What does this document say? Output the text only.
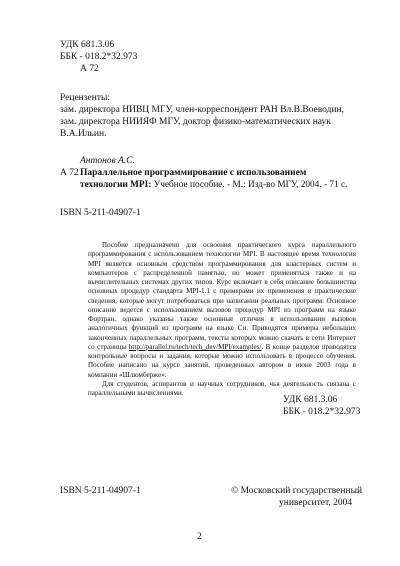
УДК 681.3.06
ББК - 018.2*32.973
А 72
Рецензенты:
зам. директора НИВЦ МГУ, член-корреспондент РАН Вл.В.Воеводин,
зам. директора НИИЯФ МГУ, доктор физико-математических наук
В.А.Ильин.
Антонов А.С.
А 72 Параллельное программирование с использованием
технологии MPI: Учебное пособие. - М.: Изд-во МГУ, 2004. - 71 с.
ISBN 5-211-04907-1

Пособие предназначено для освоения практического курса параллельного программирования с использованием технологии MPI. В настоящее время технология MPI является основным средством программирования для кластерных систем и компьютеров с распределенной памятью, но может применяться также и на вычислительных системах других типов. Курс включает в себя описание большинства основных процедур стандарта MPI-1.1 с примерами их применения и практические сведения, которые могут потребоваться при написании реальных программ. Основное описание ведется с использованием вызовов процедур MPI из программ на языке Фортран, однако указаны также основные отличия в использовании вызовов аналогичных функций из программ на языке Си. Приводятся примеры небольших законченных параллельных программ, тексты которых можно скачать в сети Интернет со страницы http://parallel.ru/tech/tech_dev/MPI/examples/. В конце разделов приводятся контрольные вопросы и задания, которые можно использовать в процессе обучения. Пособие написано на курсе занятий, проведенных автором в июне 2003 года в компании «Шлюмберже».

Для студентов, аспирантов и научных сотрудников, чья деятельность связана с параллельными вычислениями.

УДК 681.3.06
ББК - 018.2*32.973
ISBN 5-211-04907-1	© Московский государственный
университет, 2004
2
